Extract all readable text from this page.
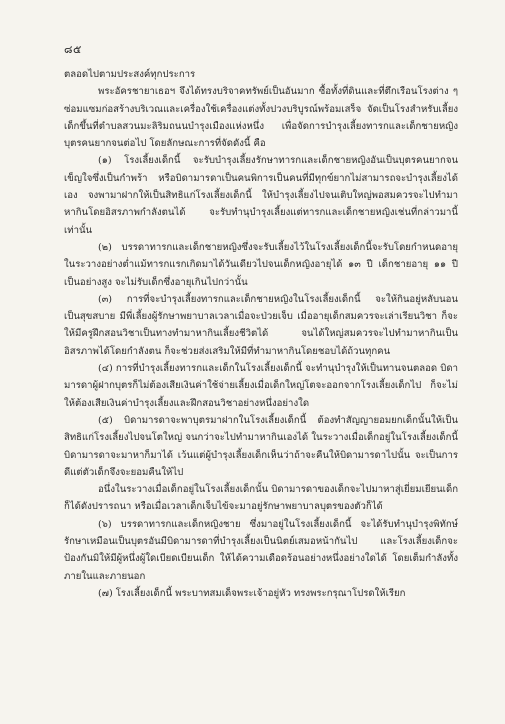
๘๕

ตลอดไปตามประสงค์ทุกประการ

พระอัครชายาเธอฯ จึงได้ทรงบริจาคทรัพย์เป็นอันมาก ซื้อทั้งที่ดินและที่ตึกเรือนโรงต่าง ๆ ซ่อมแซมก่อสร้างบริเวณและเครื่องใช้เครื่องแต่งทั้งปวงบริบูรณ์พร้อมเสร็จ จัดเป็นโรงสำหรับเลี้ยงเด็กขึ้นที่ตำบลสวนมะลิริมถนนบำรุงเมืองแห่งหนึ่ง เพื่อจัดการบำรุงเลี้ยงทารกและเด็กชายหญิงบุตรคนยากจนต่อไป โดยลักษณะการที่จัดดังนี้ คือ

(๑) โรงเลี้ยงเด็กนี้ จะรับบำรุงเลี้ยงรักษาทารกและเด็กชายหญิงอันเป็นบุตรคนยากจนเข็ญใจซึ่งเป็นกำพร้า หรือบิดามารดาเป็นคนพิการเป็นคนที่มีทุกข์ยากไม่สามารถจะบำรุงเลี้ยงได้เอง จงพามาฝากให้เป็นสิทธิแก่โรงเลี้ยงเด็กนี้ ให้บำรุงเลี้ยงไปจนเติบใหญ่พอสมควรจะไปทำมาหากินโดยอิสรภาพกำลังตนได้ จะรับทำนุบำรุงเลี้ยงแต่ทารกและเด็กชายหญิงเช่นที่กล่าวมานี้เท่านั้น

(๒) บรรดาทารกและเด็กชายหญิงซึ่งจะรับเลี้ยงไว้ในโรงเลี้ยงเด็กนี้จะรับโดยกำหนดอายุในระวางอย่างต่ำแม้ทารกแรกเกิดมาได้วันเดียวไปจนเด็กหญิงอายุได้ ๑๓ ปี เด็กชายอายุ ๑๑ ปีเป็นอย่างสูง จะไม่รับเด็กซึ่งอายุเกินไปกว่านั้น

(๓) การที่จะบำรุงเลี้ยงทารกและเด็กชายหญิงในโรงเลี้ยงเด็กนี้ จะให้กินอยู่หลับนอนเป็นสุขสบาย มีพี่เลี้ยงผู้รักษาพยาบาลเวลาเมื่อจะป่วยเจ็บ เมื่ออายุเด็กสมควรจะเล่าเรียนวิชา ก็จะให้มีครูฝึกสอนวิชาเป็นทางทำมาหากินเลี้ยงชีวิตได้ จนได้ใหญ่สมควรจะไปทำมาหากินเป็นอิสรภาพได้โดยกำลังตน ก็จะช่วยส่งเสริมให้มีที่ทำมาหากินโดยชอบได้ถ้วนทุกคน

(๔) การที่บำรุงเลี้ยงทารกและเด็กในโรงเลี้ยงเด็กนี้ จะทำนุบำรุงให้เป็นทานจนตลอด บิดามารดาผู้ฝากบุตรก็ไม่ต้องเสียเงินค่าใช้จ่ายเลี้ยงเมื่อเด็กใหญ่โตจะออกจากโรงเลี้ยงเด็กไป ก็จะไม่ให้ต้องเสียเงินค่าบำรุงเลี้ยงและฝึกสอนวิชาอย่างหนึ่งอย่างใด

(๕) บิดามารดาจะพาบุตรมาฝากในโรงเลี้ยงเด็กนี้ ต้องทำสัญญายอมยกเด็กนั้นให้เป็นสิทธิแก่โรงเลี้ยงไปจนโตใหญ่ จนกว่าจะไปทำมาหากินเองได้ ในระวางเมื่อเด็กอยู่ในโรงเลี้ยงเด็กนี้ บิดามารดาจะมาหาก็มาได้ เว้นแต่ผู้บำรุงเลี้ยงเด็กเห็นว่าถ้าจะคืนให้บิดามารดาไปนั้น จะเป็นการดีแต่ตัวเด็กจึงจะยอมคืนให้ไป

อนึ่งในระวางเมื่อเด็กอยู่ในโรงเลี้ยงเด็กนั้น บิดามารดาของเด็กจะไปมาหาสู่เยี่ยมเยียนเด็กก็ได้ดังปรารถนา หรือเมื่อเวลาเด็กเจ็บไข้จะมาอยู่รักษาพยาบาลบุตรของตัวก็ได้

(๖) บรรดาทารกและเด็กหญิงชาย ซึ่งมาอยู่ในโรงเลี้ยงเด็กนี้ จะได้รับทำนุบำรุงพิทักษ์รักษาเหมือนเป็นบุตรอันมีบิดามารดาที่บำรุงเลี้ยงเป็นนิตย์เสมอหน้ากันไป และโรงเลี้ยงเด็กจะป้องกันมิให้มีผู้หนึ่งผู้ใดเบียดเบียนเด็ก ให้ได้ความเดือดร้อนอย่างหนึ่งอย่างใดได้ โดยเต็มกำลังทั้งภายในและภายนอก

(๗) โรงเลี้ยงเด็กนี้ พระบาทสมเด็จพระเจ้าอยู่หัว ทรงพระกรุณาโปรดให้เรียก
